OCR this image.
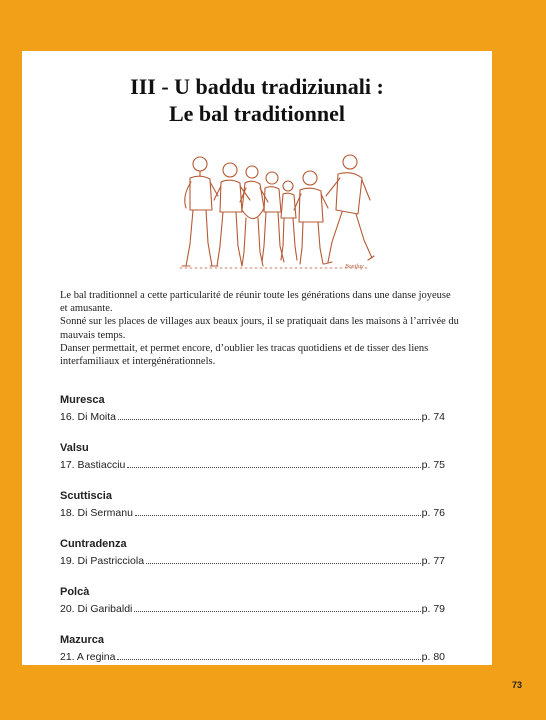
III - U baddu tradiziunali :
Le bal traditionnel
Bonifay

Le bal traditionnel a cette particularité de réunir toute les générations dans une danse joyeuse et amusante.

Sonné sur les places de villages aux beaux jours, il se pratiquait dans les maisons à l’arrivée du mauvais temps.

Danser permettait, et permet encore, d’oublier les tracas quotidiens et de tisser des liens interfamiliaux et intergénérationnels.

Muresca
16. Di Moita	p. 74
Valsu
17. Bastiacciu	p. 75
Scuttiscia
18. Di Sermanu	p. 76
Cuntradenza
19. Di Pastricciola	p. 77
Polcà
20. Di Garibaldi	p. 79
Mazurca
21. A regina	p. 80
73
